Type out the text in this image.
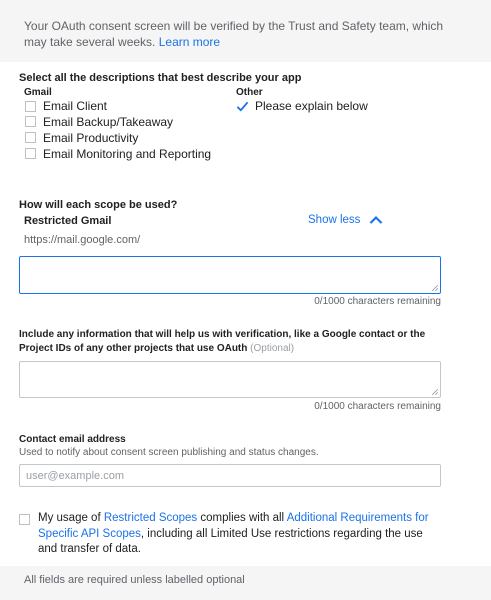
Your OAuth consent screen will be verified by the Trust and Safety team, which may take several weeks. Learn more
Select all the descriptions that best describe your app
Gmail
Email Client
Email Backup/Takeaway
Email Productivity
Email Monitoring and Reporting
Other
Please explain below
How will each scope be used?
Restricted Gmail	Show less
https://mail.google.com/
0/1000 characters remaining
Include any information that will help us with verification, like a Google contact or the Project IDs of any other projects that use OAuth (Optional)
0/1000 characters remaining
Contact email address
Used to notify about consent screen publishing and status changes.
user@example.com
My usage of Restricted Scopes complies with all Additional Requirements for Specific API Scopes, including all Limited Use restrictions regarding the use and transfer of data.
All fields are required unless labelled optional
